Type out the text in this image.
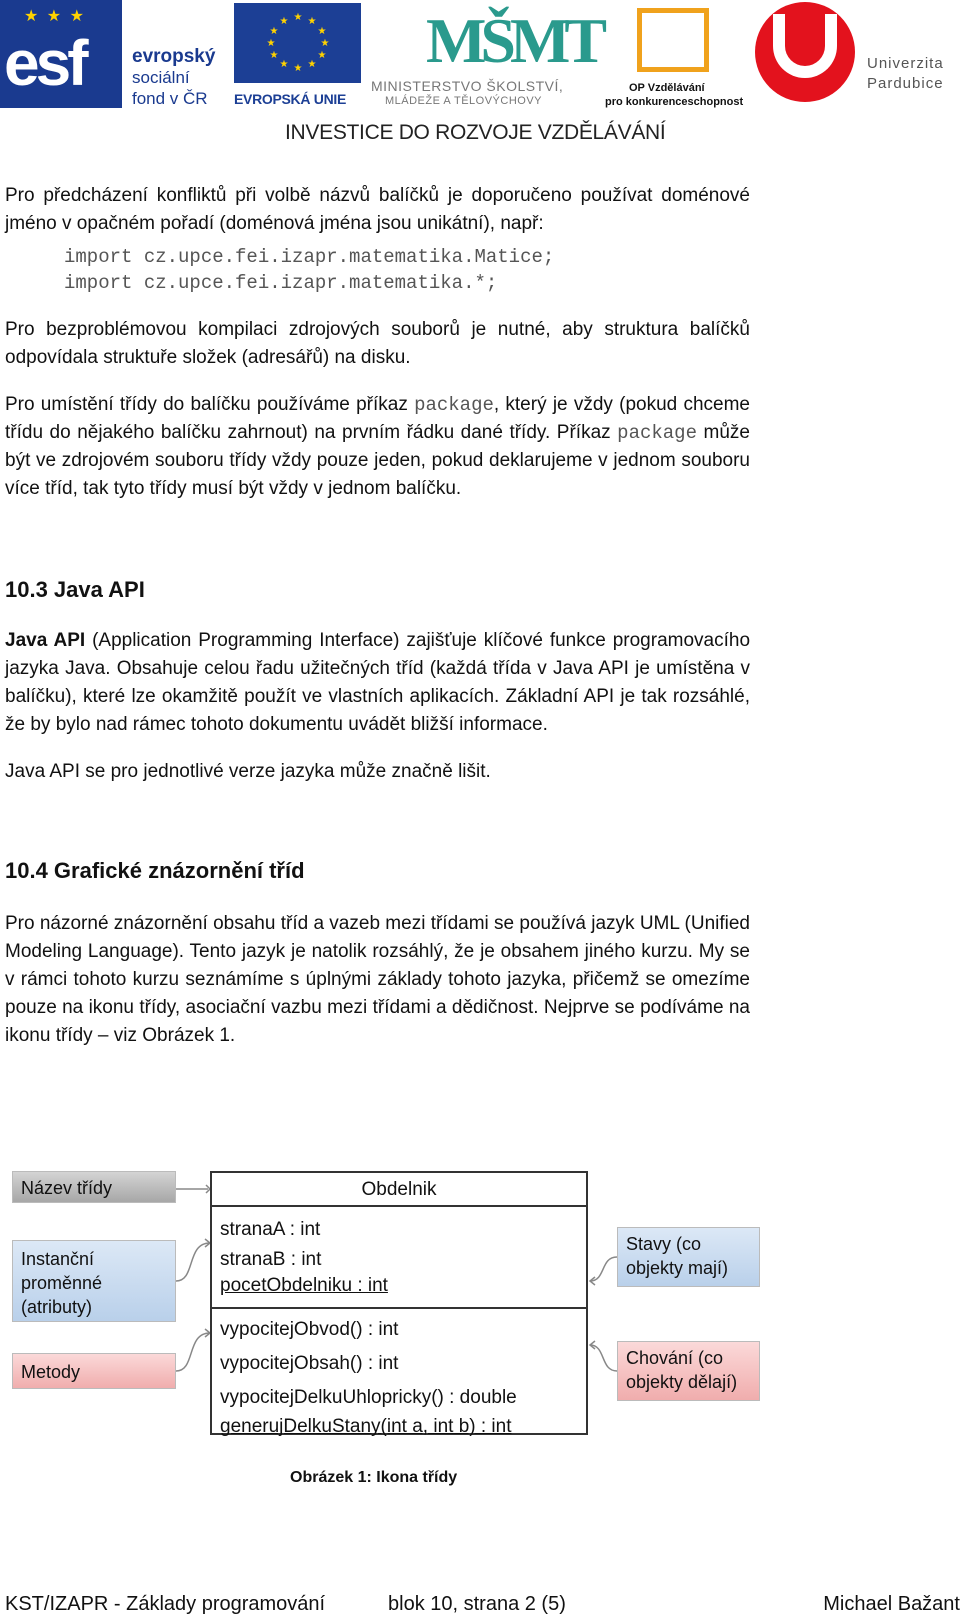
★ ★ ★
esf	evropský
sociální
fond v ČR
★ ★
★
★
★
★
★
★
★
★
★
★
EVROPSKÁ UNIE
MŠMT
MINISTERSTVO ŠKOLSTVÍ,
MLÁDEŽE A TĚLOVÝCHOVY
OP Vzdělávání
pro konkurenceschopnost
Univerzita
Pardubice
INVESTICE DO ROZVOJE VZDĚLÁVÁNÍ

Pro předcházení konfliktů při volbě názvů balíčků je doporučeno používat doménové jméno v opačném pořadí (doménová jména jsou unikátní), např:

import cz.upce.fei.izapr.matematika.Matice;
import cz.upce.fei.izapr.matematika.*;

Pro bezproblémovou kompilaci zdrojových souborů je nutné, aby struktura balíčků odpovídala struktuře složek (adresářů) na disku.

Pro umístění třídy do balíčku používáme příkaz package, který je vždy (pokud chceme třídu do nějakého balíčku zahrnout) na prvním řádku dané třídy. Příkaz package může být ve zdrojovém souboru třídy vždy pouze jeden, pokud deklarujeme v jednom souboru více tříd, tak tyto třídy musí být vždy v jednom balíčku.

10.3 Java API

Java API (Application Programming Interface) zajišťuje klíčové funkce programovacího jazyka Java. Obsahuje celou řadu užitečných tříd (každá třída v Java API je umístěna v balíčku), které lze okamžitě použít ve vlastních aplikacích. Základní API je tak rozsáhlé, že by bylo nad rámec tohoto dokumentu uvádět bližší informace.

Java API se pro jednotlivé verze jazyka může značně lišit.

10.4 Grafické znázornění tříd

Pro názorné znázornění obsahu tříd a vazeb mezi třídami se používá jazyk UML (Unified Modeling Language). Tento jazyk je natolik rozsáhlý, že je obsahem jiného kurzu. My se v rámci tohoto kurzu seznámíme s úplnými základy tohoto jazyka, přičemž se omezíme pouze na ikonu třídy, asociační vazbu mezi třídami a dědičnost. Nejprve se podíváme na ikonu třídy – viz Obrázek 1.

Název třídy
Instanční proměnné (atributy)
Metody
Stavy (co objekty mají)
Chování (co objekty dělají)
Obdelnik
stranaA : int
stranaB : int
pocetObdelniku : int
vypocitejObvod() : int
vypocitejObsah() : int
vypocitejDelkuUhlopricky() : double
generujDelkuStany(int a, int b) : int
Obrázek 1: Ikona třídy
KST/IZAPR - Základy programování	blok 10, strana 2 (5)	Michael Bažant
